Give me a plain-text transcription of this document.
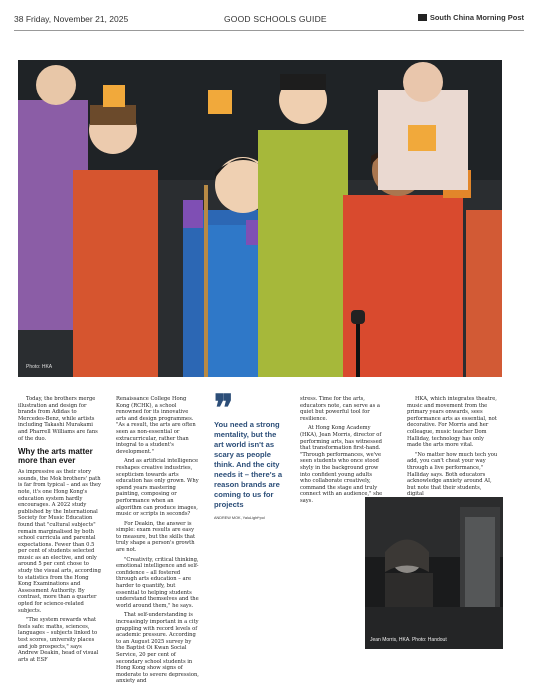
38 Friday, November 21, 2025	GOOD SCHOOLS GUIDE	South China Morning Post
Photo: HKA

Today, the brothers merge illustration and design for brands from Adidas to Mercedes-Benz, while artists including Takashi Murakami and Pharrell Williams are fans of the duo.

Why the arts matter more than ever

As impressive as their story sounds, the Mok brothers' path is far from typical – and as they note, it's one Hong Kong's education system hardly encourages. A 2022 study published by the International Society for Music Education found that "cultural subjects" remain marginalised by both school curricula and parental expectations. Fewer than 0.5 per cent of students selected music as an elective, and only around 5 per cent chose to study the visual arts, according to statistics from the Hong Kong Examinations and Assessment Authority. By contrast, more than a quarter opted for science-related subjects.

"The system rewards what feels safe: maths, sciences, languages – subjects linked to test scores, university places and job prospects," says Andrew Deakin, head of visual arts at ESF

Renaissance College Hong Kong (RCHK), a school renowned for its innovative arts and design programmes. "As a result, the arts are often seen as non-essential or extracurricular, rather than integral to a student's development."

And as artificial intelligence reshapes creative industries, scepticism towards arts education has only grown. Why spend years mastering painting, composing or performance when an algorithm can produce images, music or scripts in seconds?

For Deakin, the answer is simple: exam results are easy to measure, but the skills that truly shape a person's growth are not.

"Creativity, critical thinking, emotional intelligence and self-confidence – all fostered through arts education – are harder to quantify, but essential to helping students understand themselves and the world around them," he says.

That self-understanding is increasingly important in a city grappling with record levels of academic pressure. According to an August 2025 survey by the Baptist Oi Kwan Social Service, 20 per cent of secondary school students in Hong Kong show signs of moderate to severe depression, anxiety and

❞
You need a strong mentality, but the art world isn't as scary as people think. And the city needs it – there's a reason brands are coming to us for projects
ANDREW MOK, YaluLight*pol

stress. Time for the arts, educators note, can serve as a quiet but powerful tool for resilience.

At Hong Kong Academy (HKA), Jean Morris, director of performing arts, has witnessed that transformation first-hand. "Through performances, we've seen students who once stood shyly in the background grow into confident young adults who collaborate creatively, command the stage and truly connect with an audience," she says.

HKA, which integrates theatre, music and movement from the primary years onwards, sees performance arts as essential, not decorative. For Morris and her colleague, music teacher Dom Halliday, technology has only made the arts more vital.

"No matter how much tech you add, you can't cheat your way through a live performance," Halliday says. Both educators acknowledge anxiety around AI, but note that their students, digital

Jean Morris, HKA. Photo: Handout
